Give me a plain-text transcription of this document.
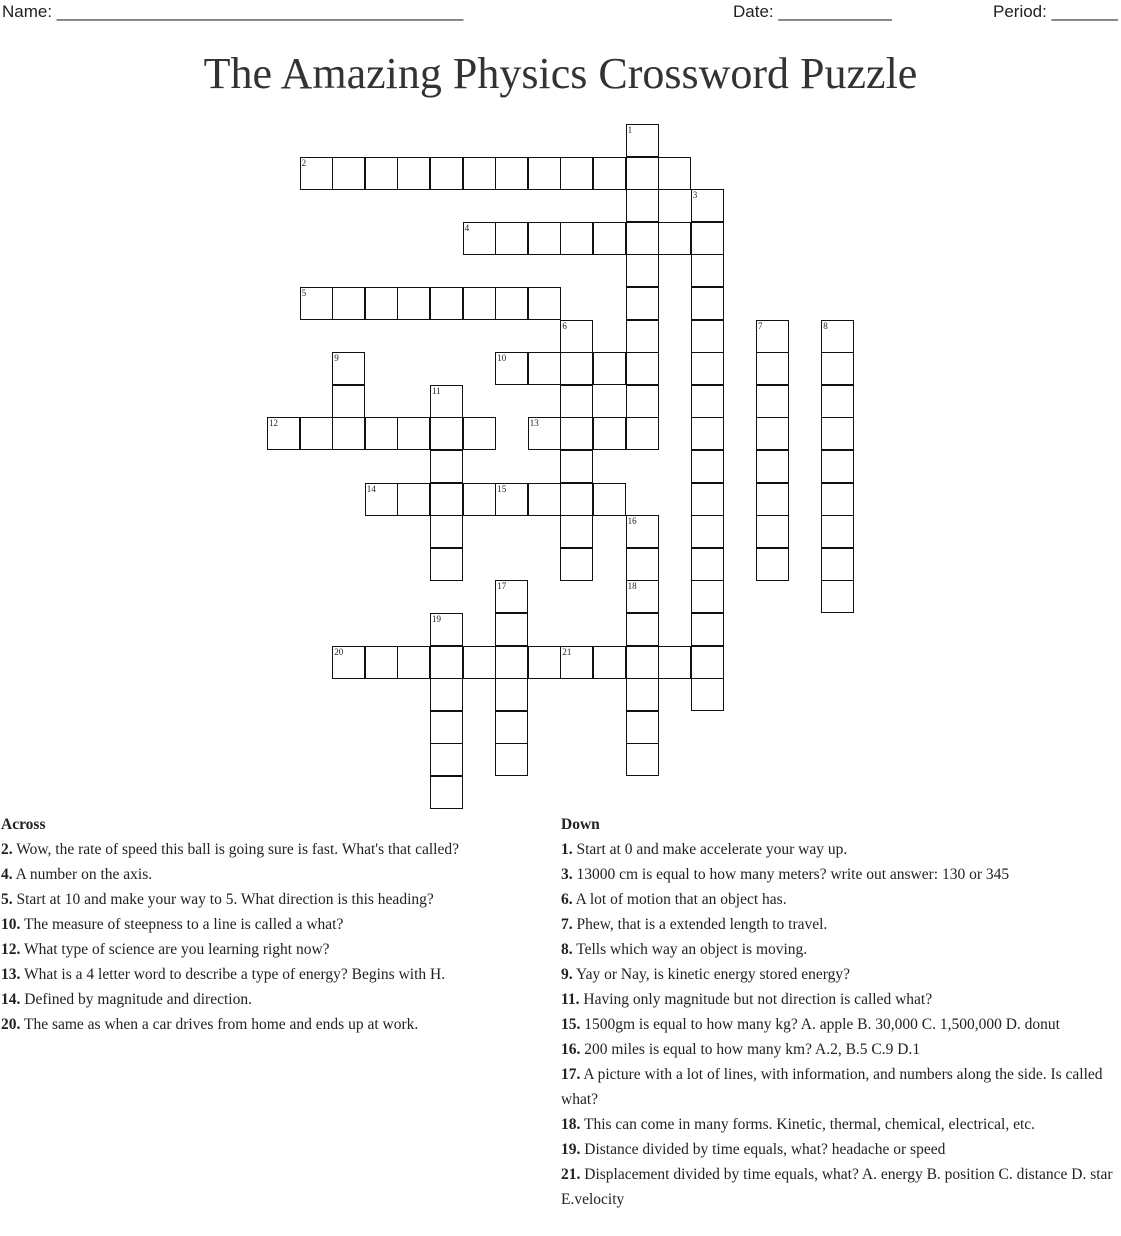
Name: ___________________________________________	Date: ____________	Period: _______
The Amazing Physics Crossword Puzzle
1
2
3
4
5
6	7	8
9	10
11
12	13
14	15
16
17	18
19
20	21
Across
2. Wow, the rate of speed this ball is going sure is fast. What's that called?
4. A number on the axis.
5. Start at 10 and make your way to 5. What direction is this heading?
10. The measure of steepness to a line is called a what?
12. What type of science are you learning right now?
13. What is a 4 letter word to describe a type of energy? Begins with H.
14. Defined by magnitude and direction.
20. The same as when a car drives from home and ends up at work.
Down
1. Start at 0 and make accelerate your way up.
3. 13000 cm is equal to how many meters? write out answer: 130 or 345
6. A lot of motion that an object has.
7. Phew, that is a extended length to travel.
8. Tells which way an object is moving.
9. Yay or Nay, is kinetic energy stored energy?
11. Having only magnitude but not direction is called what?
15. 1500gm is equal to how many kg? A. apple B. 30,000 C. 1,500,000 D. donut
16. 200 miles is equal to how many km? A.2, B.5 C.9 D.1
17. A picture with a lot of lines, with information, and numbers along the side. Is called what?
18. This can come in many forms. Kinetic, thermal, chemical, electrical, etc.
19. Distance divided by time equals, what? headache or speed
21. Displacement divided by time equals, what? A. energy B. position C. distance D. star E.velocity
